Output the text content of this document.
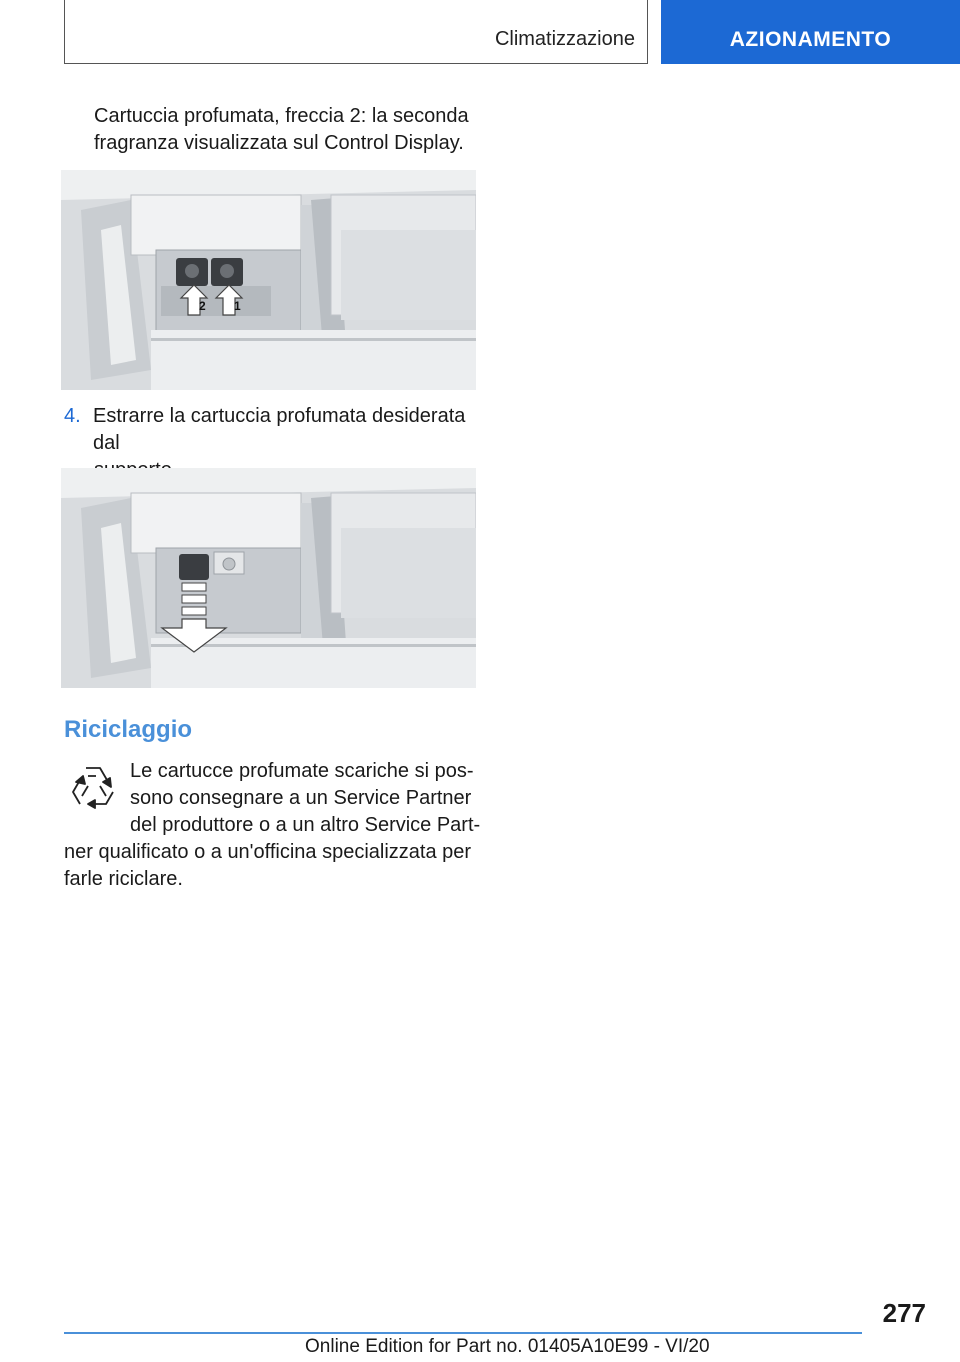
Climatizzazione	AZIONAMENTO
Cartuccia profumata, freccia 2: la seconda
fragranza visualizzata sul Control Display.
2 1
4. Estrarre la cartuccia profumata desiderata dal
Riciclaggio
Le cartucce profumate scariche si pos-
sono consegnare a un Service Partner
del produttore o a un altro Service Part-
ner qualificato o a un'officina specializzata per
farle riciclare.
277
Online Edition for Part no. 01405A10E99 - VI/20
